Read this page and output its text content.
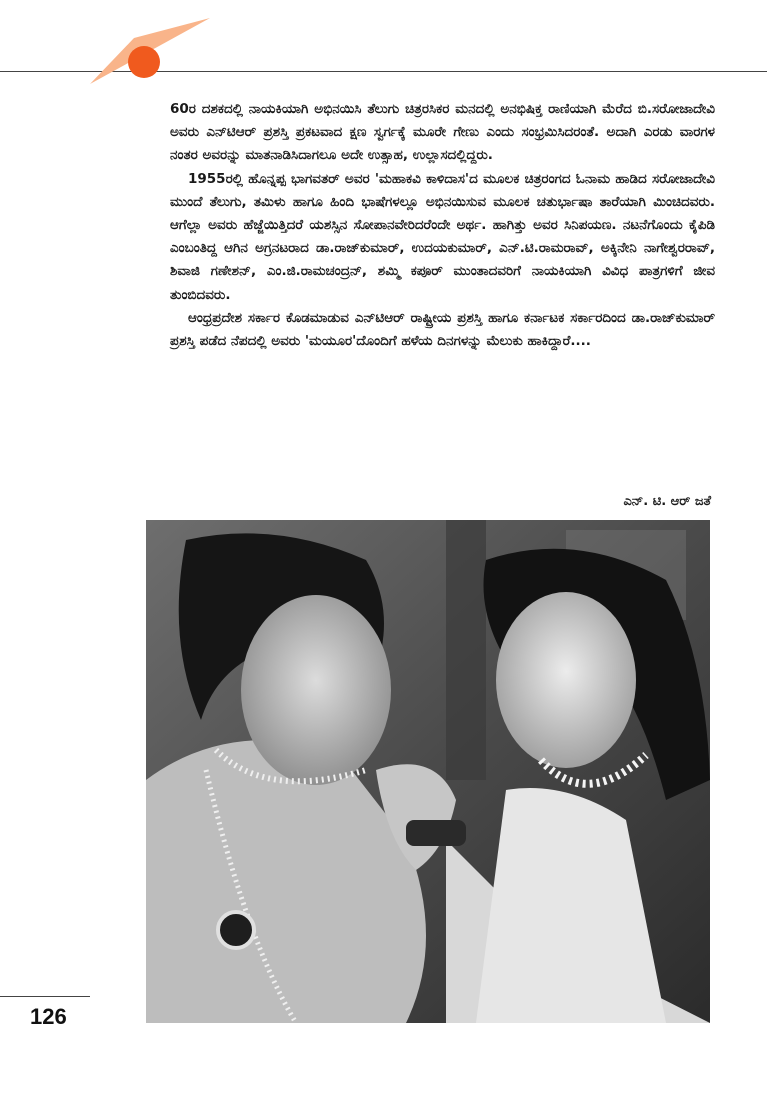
60ರ ದಶಕದಲ್ಲಿ ನಾಯಕಿಯಾಗಿ ಅಭಿನಯಿಸಿ ತೆಲುಗು ಚಿತ್ರರಸಿಕರ ಮನದಲ್ಲಿ ಅನಭಿಷಿಕ್ತ ರಾಣಿಯಾಗಿ ಮೆರೆದ ಬಿ.ಸರೋಜಾದೇವಿ ಅವರು ಎನ್‌ಟಿಆರ್ ಪ್ರಶಸ್ತಿ ಪ್ರಕಟವಾದ ಕ್ಷಣ ಸ್ವರ್ಗಕ್ಕೆ ಮೂರೇ ಗೇಣು ಎಂದು ಸಂಭ್ರಮಿಸಿದರಂತೆ. ಅದಾಗಿ ಎರಡು ವಾರಗಳ ನಂತರ ಅವರನ್ನು ಮಾತನಾಡಿಸಿದಾಗಲೂ ಅದೇ ಉತ್ಸಾಹ, ಉಲ್ಲಾಸದಲ್ಲಿದ್ದರು.

1955ರಲ್ಲಿ ಹೊನ್ನಪ್ಪ ಭಾಗವತರ್ ಅವರ 'ಮಹಾಕವಿ ಕಾಳಿದಾಸ'ದ ಮೂಲಕ ಚಿತ್ರರಂಗದ ಓನಾಮ ಹಾಡಿದ ಸರೋಜಾದೇವಿ ಮುಂದೆ ತೆಲುಗು, ತಮಿಳು ಹಾಗೂ ಹಿಂದಿ ಭಾಷೆಗಳಲ್ಲೂ ಅಭಿನಯಿಸುವ ಮೂಲಕ ಚತುರ್ಭಾಷಾ ತಾರೆಯಾಗಿ ಮಿಂಚಿದವರು. ಆಗೆಲ್ಲಾ ಅವರು ಹೆಜ್ಜೆಯಿತ್ತಿದರೆ ಯಶಸ್ಸಿನ ಸೋಪಾನವೇರಿದರೆಂದೇ ಅರ್ಥ. ಹಾಗಿತ್ತು ಅವರ ಸಿನಿಪಯಣ. ನಟನೆಗೊಂದು ಕೈಪಿಡಿ ಎಂಬಂತಿದ್ದ ಆಗಿನ ಅಗ್ರನಟರಾದ ಡಾ.ರಾಜ್‌ಕುಮಾರ್, ಉದಯಕುಮಾರ್, ಎನ್.ಟಿ.ರಾಮರಾವ್, ಅಕ್ಕಿನೇನಿ ನಾಗೇಶ್ವರರಾವ್, ಶಿವಾಜಿ ಗಣೇಶನ್, ಎಂ.ಜಿ.ರಾಮಚಂದ್ರನ್, ಶಮ್ಮಿ ಕಪೂರ್ ಮುಂತಾದವರಿಗೆ ನಾಯಕಿಯಾಗಿ ವಿವಿಧ ಪಾತ್ರಗಳಿಗೆ ಜೀವ ತುಂಬಿದವರು.

ಆಂಧ್ರಪ್ರದೇಶ ಸರ್ಕಾರ ಕೊಡಮಾಡುವ ಎನ್‌ಟಿಆರ್ ರಾಷ್ಟ್ರೀಯ ಪ್ರಶಸ್ತಿ ಹಾಗೂ ಕರ್ನಾಟಕ ಸರ್ಕಾರದಿಂದ ಡಾ.ರಾಜ್‌ಕುಮಾರ್ ಪ್ರಶಸ್ತಿ ಪಡೆದ ನೆಪದಲ್ಲಿ ಅವರು 'ಮಯೂರ'ದೊಂದಿಗೆ ಹಳೆಯ ದಿನಗಳನ್ನು ಮೆಲುಕು ಹಾಕಿದ್ದಾರೆ....

ಎನ್. ಟಿ. ಆರ್ ಜತೆ
126
